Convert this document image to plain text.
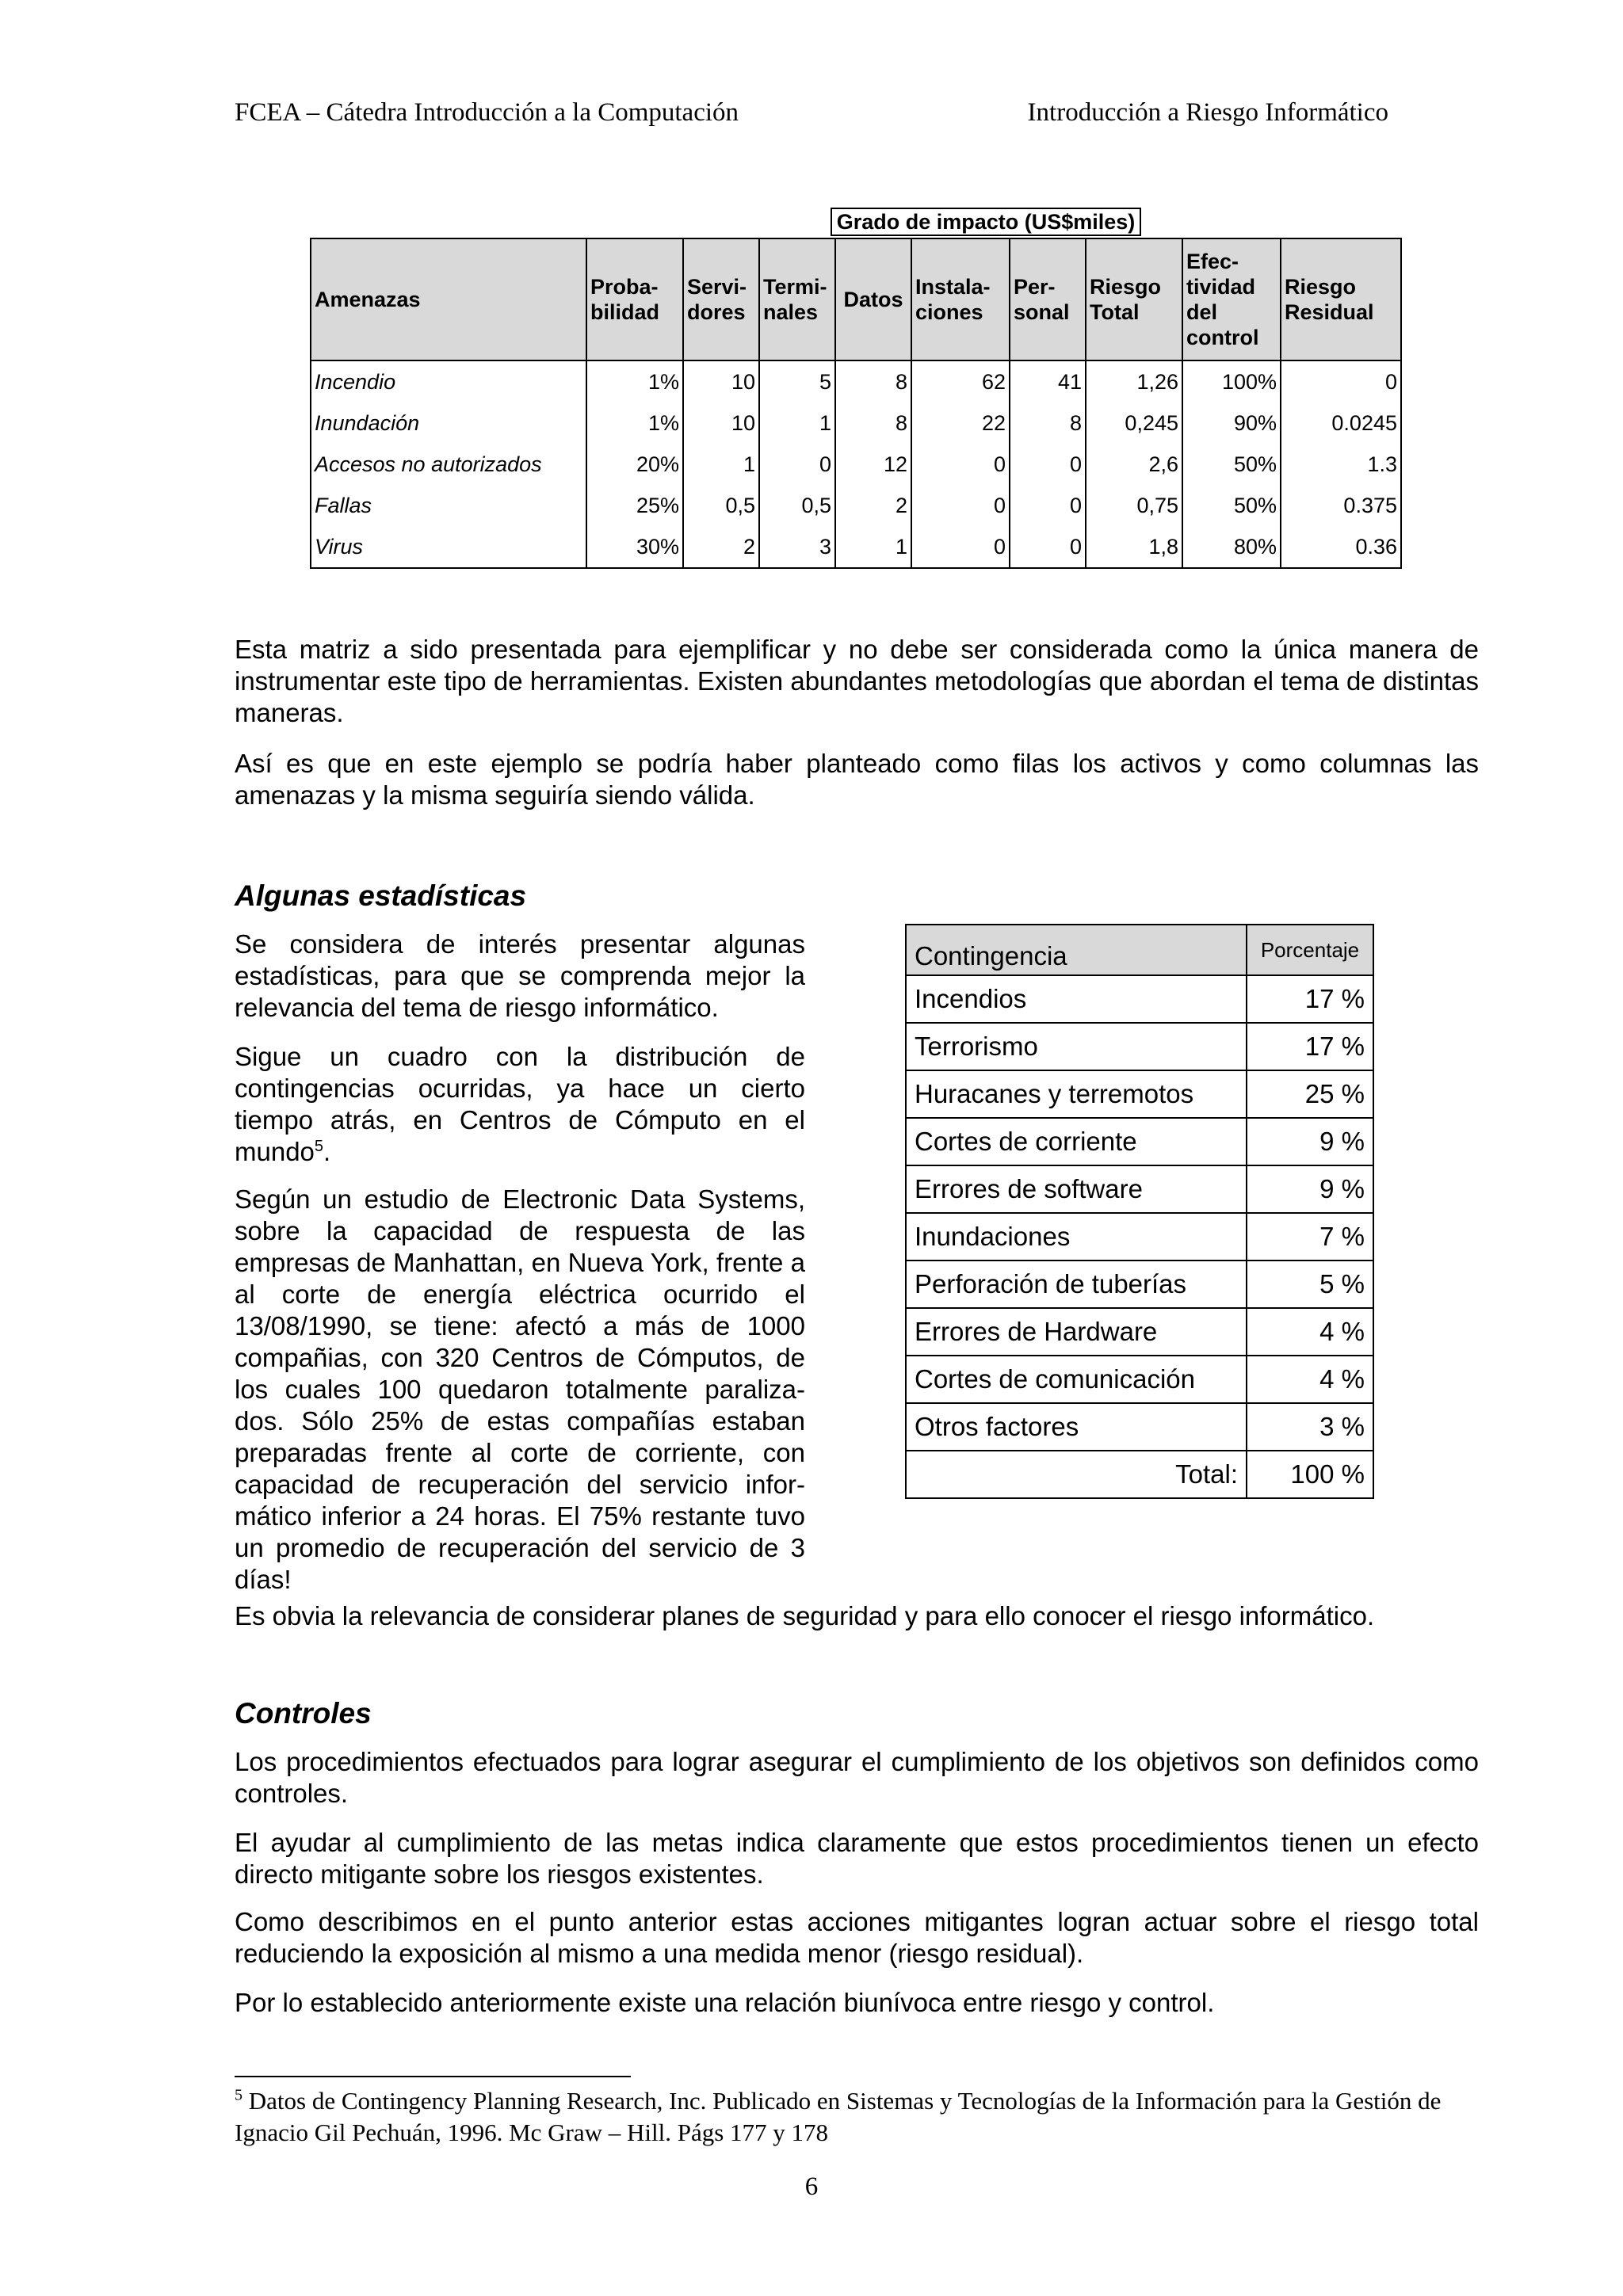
FCEA – Cátedra Introducción a la Computación	Introducción a Riesgo Informático
Grado de impacto (US$miles)
Amenazas	Proba-bilidad	Servi-dores	Termi-nales	Datos	Instala-ciones	Per-sonal	Riesgo Total	Efec-tividad del control	Riesgo Residual
Incendio	1%	10	5	8	62	41	1,26	100%	0
Inundación	1%	10	1	8	22	8	0,245	90%	0.0245
Accesos no autorizados	20%	1	0	12	0	0	2,6	50%	1.3
Fallas	25%	0,5	0,5	2	0	0	0,75	50%	0.375
Virus	30%	2	3	1	0	0	1,8	80%	0.36

Esta matriz a sido presentada para ejemplificar y no debe ser considerada como la única manera de instrumentar este tipo de herramientas. Existen abundantes metodologías que abordan el tema de distintas maneras.

Así es que en este ejemplo se podría haber planteado como filas los activos y como columnas las amenazas y la misma seguiría siendo válida.

Algunas estadísticas

Se considera de interés presentar algunas estadísticas, para que se comprenda mejor la relevancia del tema de riesgo informático.

Sigue un cuadro con la distribución de contingencias ocurridas, ya hace un cierto tiempo atrás, en Centros de Cómputo en el mundo$^5$.

Según un estudio de Electronic Data Systems, sobre la capacidad de respuesta de las empresas de Manhattan, en Nueva York, frente a al corte de energía eléctrica ocurrido el 13/08/1990, se tiene: afectó a más de 1000 compañias, con 320 Centros de Cómputos, de los cuales 100 quedaron totalmente paraliza-dos. Sólo 25% de estas compañías estaban preparadas frente al corte de corriente, con capacidad de recuperación del servicio infor-mático inferior a 24 horas. El 75% restante tuvo un promedio de recuperación del servicio de 3 días!

Contingencia	Porcentaje
Incendios	17 %
Terrorismo	17 %
Huracanes y terremotos	25 %
Cortes de corriente	9 %
Errores de software	9 %
Inundaciones	7 %
Perforación de tuberías	5 %
Errores de Hardware	4 %
Cortes de comunicación	4 %
Otros factores	3 %
Total:	100 %

Es obvia la relevancia de considerar planes de seguridad y para ello conocer el riesgo informático.

Controles

Los procedimientos efectuados para lograr asegurar el cumplimiento de los objetivos son definidos como controles.

El ayudar al cumplimiento de las metas indica claramente que estos procedimientos tienen un efecto directo mitigante sobre los riesgos existentes.

Como describimos en el punto anterior estas acciones mitigantes logran actuar sobre el riesgo total reduciendo la exposición al mismo a una medida menor (riesgo residual).

Por lo establecido anteriormente existe una relación biunívoca entre riesgo y control.

$^5$ Datos de Contingency Planning Research, Inc. Publicado en Sistemas y Tecnologías de la Información para la Gestión de Ignacio Gil Pechuán, 1996. Mc Graw – Hill. Págs 177 y 178

6
